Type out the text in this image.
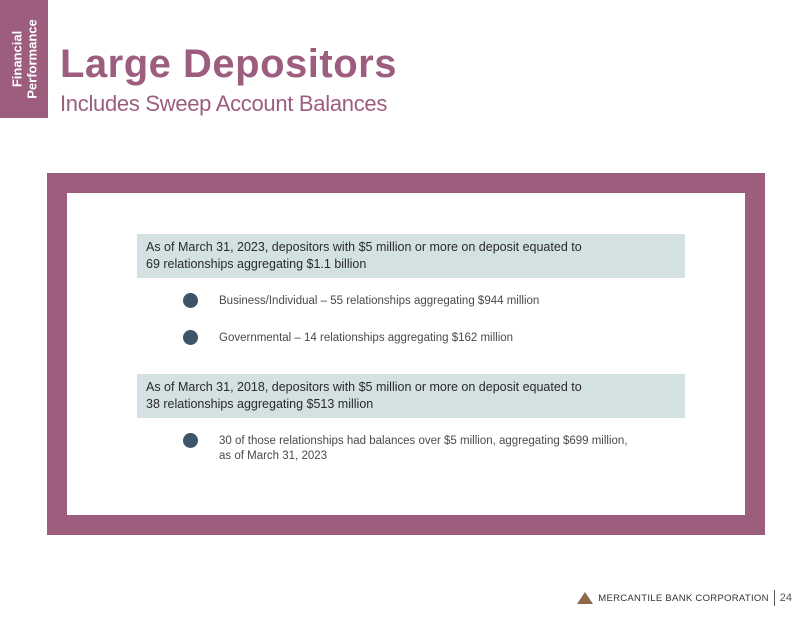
Financial Performance Large Depositors
Includes Sweep Account Balances
As of March 31, 2023, depositors with $5 million or more on deposit equated to
69 relationships aggregating $1.1 billion
Business/Individual – 55 relationships aggregating $944 million
Governmental – 14 relationships aggregating $162 million
As of March 31, 2018, depositors with $5 million or more on deposit equated to
38 relationships aggregating $513 million
30 of those relationships had balances over $5 million, aggregating $699 million,
as of March 31, 2023
MERCANTILE BANK CORPORATION 24
